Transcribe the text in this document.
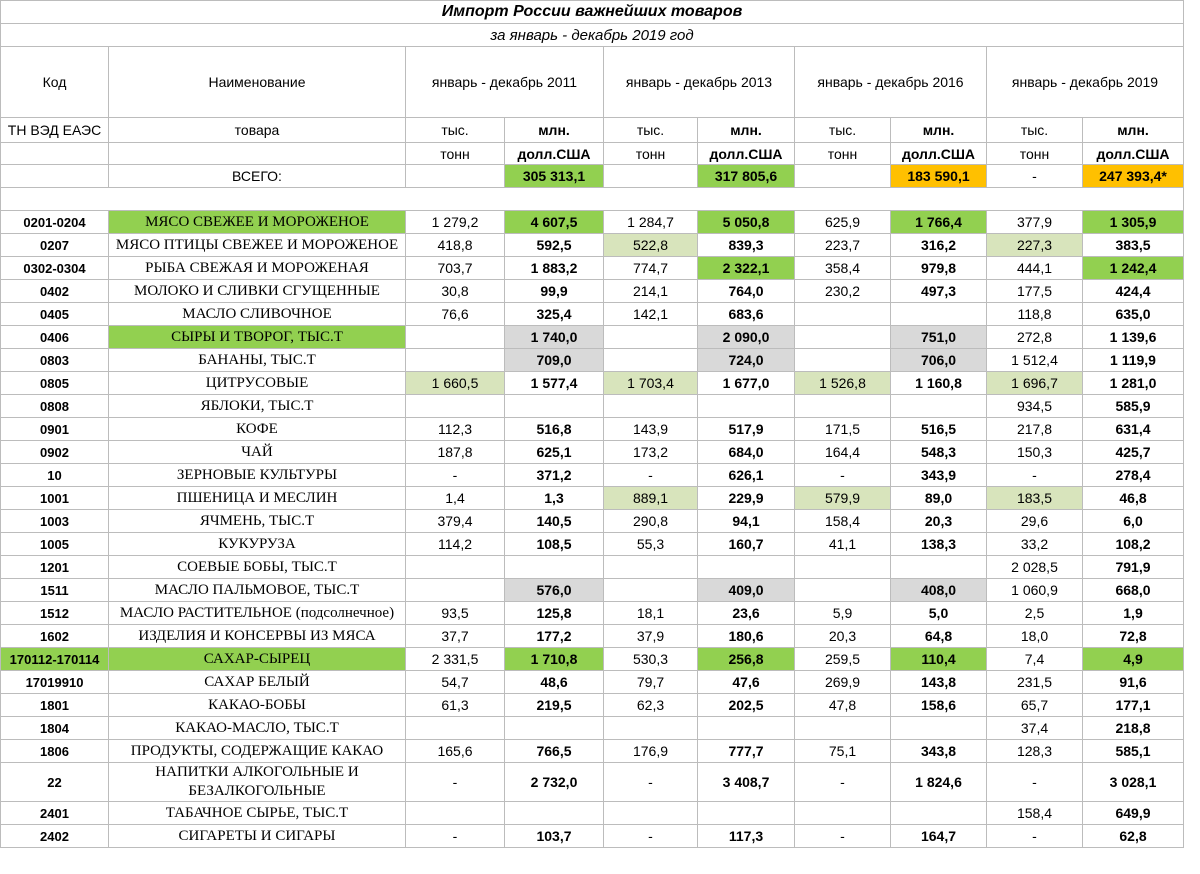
Импорт России важнейших товаров									
за январь - декабрь 2019 год									
Код	Наименование	январь - декабрь 2011		январь - декабрь 2013		январь - декабрь 2016		январь - декабрь 2019	
ТН ВЭД ЕАЭС	товара	тыс.	млн.	тыс.	млн.	тыс.	млн.	тыс.	млн.
		тонн	долл.США	тонн	долл.США	тонн	долл.США	тонн	долл.США
	ВСЕГО:		305 313,1		317 805,6		183 590,1	-	247 393,4*

0201-0204	МЯСО СВЕЖЕЕ И МОРОЖЕНОЕ	1 279,2	4 607,5	1 284,7	5 050,8	625,9	1 766,4	377,9	1 305,9
0207	МЯСО ПТИЦЫ СВЕЖЕЕ И МОРОЖЕНОЕ	418,8	592,5	522,8	839,3	223,7	316,2	227,3	383,5
0302-0304	РЫБА СВЕЖАЯ И МОРОЖЕНАЯ	703,7	1 883,2	774,7	2 322,1	358,4	979,8	444,1	1 242,4
0402	МОЛОКО И СЛИВКИ СГУЩЕННЫЕ	30,8	99,9	214,1	764,0	230,2	497,3	177,5	424,4
0405	МАСЛО СЛИВОЧНОЕ	76,6	325,4	142,1	683,6			118,8	635,0
0406	СЫРЫ И ТВОРОГ, ТЫС.Т		1 740,0		2 090,0		751,0	272,8	1 139,6
0803	БАНАНЫ, ТЫС.Т		709,0		724,0		706,0	1 512,4	1 119,9
0805	ЦИТРУСОВЫЕ	1 660,5	1 577,4	1 703,4	1 677,0	1 526,8	1 160,8	1 696,7	1 281,0
0808	ЯБЛОКИ, ТЫС.Т							934,5	585,9
0901	КОФЕ	112,3	516,8	143,9	517,9	171,5	516,5	217,8	631,4
0902	ЧАЙ	187,8	625,1	173,2	684,0	164,4	548,3	150,3	425,7
10	ЗЕРНОВЫЕ КУЛЬТУРЫ	-	371,2	-	626,1	-	343,9	-	278,4
1001	ПШЕНИЦА И МЕСЛИН	1,4	1,3	889,1	229,9	579,9	89,0	183,5	46,8
1003	ЯЧМЕНЬ, ТЫС.Т	379,4	140,5	290,8	94,1	158,4	20,3	29,6	6,0
1005	КУКУРУЗА	114,2	108,5	55,3	160,7	41,1	138,3	33,2	108,2
1201	СОЕВЫЕ БОБЫ, ТЫС.Т							2 028,5	791,9
1511	МАСЛО ПАЛЬМОВОЕ, ТЫС.Т		576,0		409,0		408,0	1 060,9	668,0
1512	МАСЛО РАСТИТЕЛЬНОЕ (подсолнечное)	93,5	125,8	18,1	23,6	5,9	5,0	2,5	1,9
1602	ИЗДЕЛИЯ И КОНСЕРВЫ ИЗ МЯСА	37,7	177,2	37,9	180,6	20,3	64,8	18,0	72,8
170112-170114	САХАР-СЫРЕЦ	2 331,5	1 710,8	530,3	256,8	259,5	110,4	7,4	4,9
17019910	САХАР БЕЛЫЙ	54,7	48,6	79,7	47,6	269,9	143,8	231,5	91,6
1801	КАКАО-БОБЫ	61,3	219,5	62,3	202,5	47,8	158,6	65,7	177,1
1804	КАКАО-МАСЛО, ТЫС.Т							37,4	218,8
1806	ПРОДУКТЫ, СОДЕРЖАЩИЕ КАКАО	165,6	766,5	176,9	777,7	75,1	343,8	128,3	585,1
22	НАПИТКИ АЛКОГОЛЬНЫЕ И БЕЗАЛКОГОЛЬНЫЕ	-	2 732,0	-	3 408,7	-	1 824,6	-	3 028,1
2401	ТАБАЧНОЕ СЫРЬЕ, ТЫС.Т							158,4	649,9
2402	СИГАРЕТЫ И СИГАРЫ	-	103,7	-	117,3	-	164,7	-	62,8
